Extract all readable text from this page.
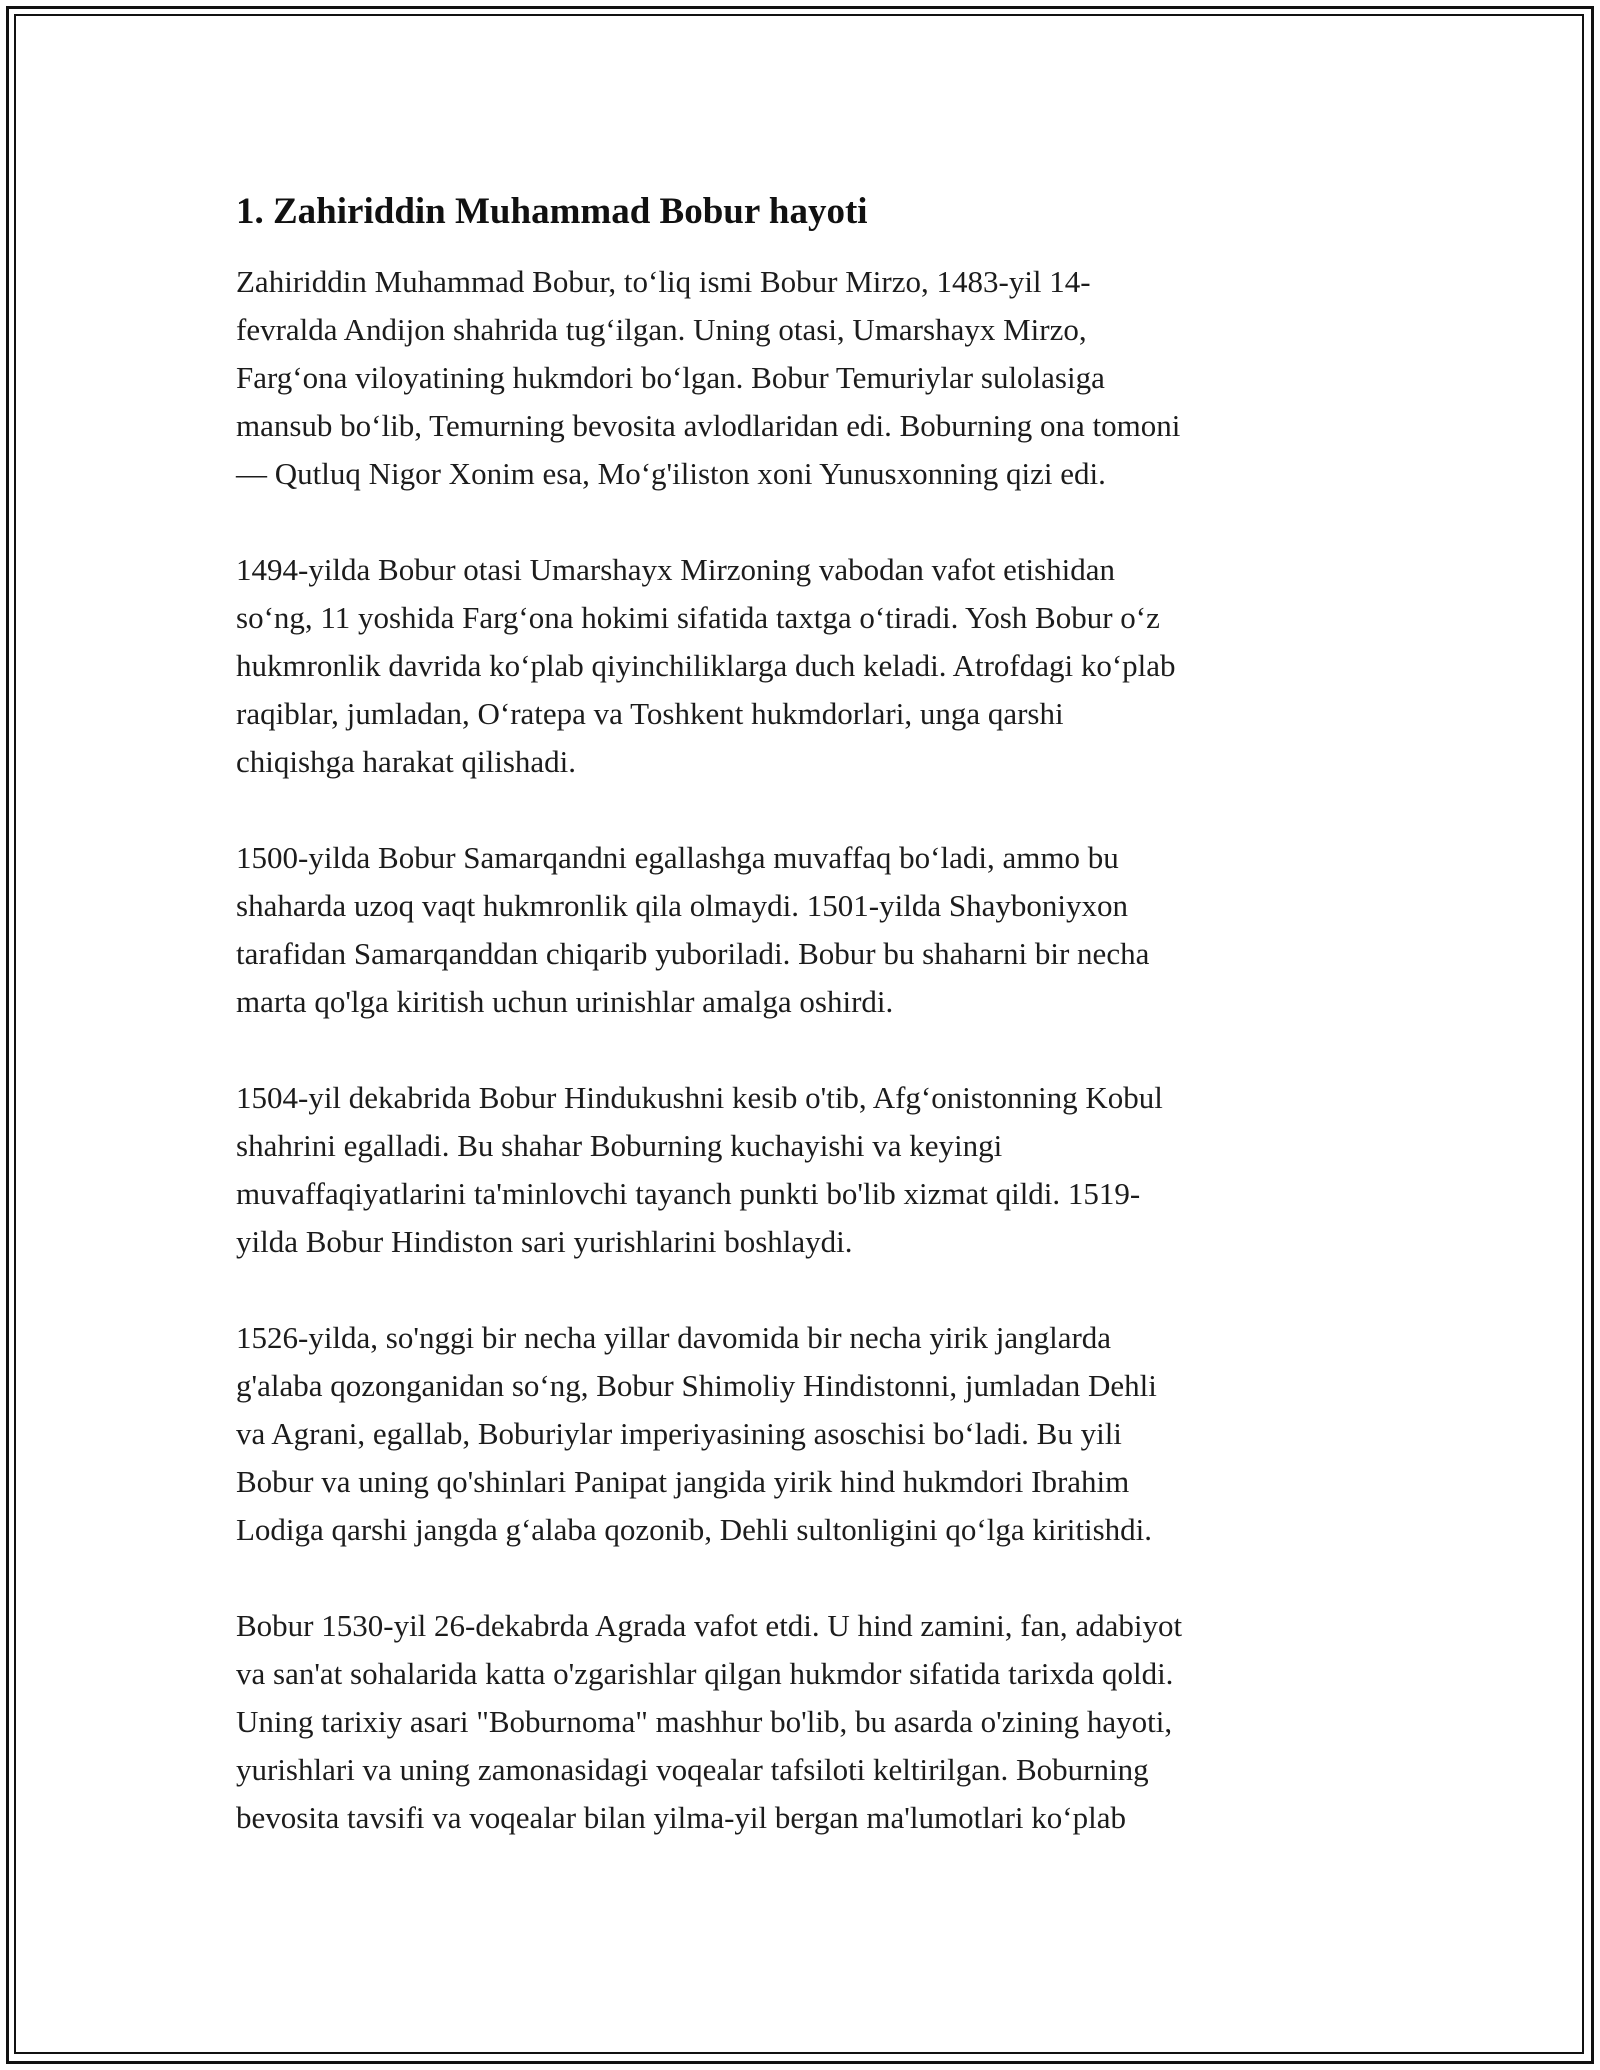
1. Zahiriddin Muhammad Bobur hayoti

Zahiriddin Muhammad Bobur, to‘liq ismi Bobur Mirzo, 1483-yil 14-
fevralda Andijon shahrida tug‘ilgan. Uning otasi, Umarshayx Mirzo,
Farg‘ona viloyatining hukmdori bo‘lgan. Bobur Temuriylar sulolasiga
mansub bo‘lib, Temurning bevosita avlodlaridan edi. Boburning ona tomoni
— Qutluq Nigor Xonim esa, Mo‘g'iliston xoni Yunusxonning qizi edi.

1494-yilda Bobur otasi Umarshayx Mirzoning vabodan vafot etishidan
so‘ng, 11 yoshida Farg‘ona hokimi sifatida taxtga o‘tiradi. Yosh Bobur o‘z
hukmronlik davrida ko‘plab qiyinchiliklarga duch keladi. Atrofdagi ko‘plab
raqiblar, jumladan, O‘ratepa va Toshkent hukmdorlari, unga qarshi
chiqishga harakat qilishadi.

1500-yilda Bobur Samarqandni egallashga muvaffaq bo‘ladi, ammo bu
shaharda uzoq vaqt hukmronlik qila olmaydi. 1501-yilda Shayboniyxon
tarafidan Samarqanddan chiqarib yuboriladi. Bobur bu shaharni bir necha
marta qo'lga kiritish uchun urinishlar amalga oshirdi.

1504-yil dekabrida Bobur Hindukushni kesib o'tib, Afg‘onistonning Kobul
shahrini egalladi. Bu shahar Boburning kuchayishi va keyingi
muvaffaqiyatlarini ta'minlovchi tayanch punkti bo'lib xizmat qildi. 1519-
yilda Bobur Hindiston sari yurishlarini boshlaydi.

1526-yilda, so'nggi bir necha yillar davomida bir necha yirik janglarda
g'alaba qozonganidan so‘ng, Bobur Shimoliy Hindistonni, jumladan Dehli
va Agrani, egallab, Boburiylar imperiyasining asoschisi bo‘ladi. Bu yili
Bobur va uning qo'shinlari Panipat jangida yirik hind hukmdori Ibrahim
Lodiga qarshi jangda g‘alaba qozonib, Dehli sultonligini qo‘lga kiritishdi.

Bobur 1530-yil 26-dekabrda Agrada vafot etdi. U hind zamini, fan, adabiyot
va san'at sohalarida katta o'zgarishlar qilgan hukmdor sifatida tarixda qoldi.
Uning tarixiy asari "Boburnoma" mashhur bo'lib, bu asarda o'zining hayoti,
yurishlari va uning zamonasidagi voqealar tafsiloti keltirilgan. Boburning
bevosita tavsifi va voqealar bilan yilma-yil bergan ma'lumotlari ko‘plab
